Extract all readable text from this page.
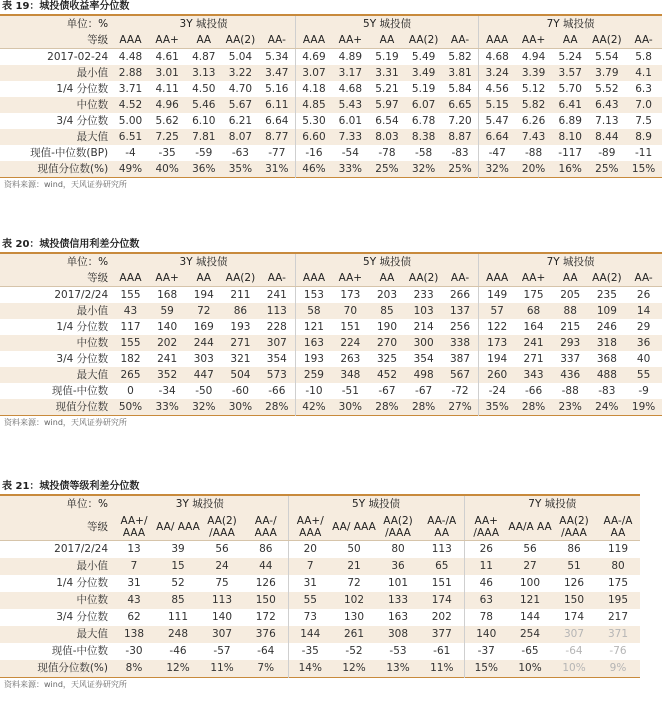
表 19：城投债收益率分位数
单位：%	3Y 城投债					5Y 城投债					7Y 城投债				
等级	AAA	AA+	AA	AA(2)	AA-	AAA	AA+	AA	AA(2)	AA-	AAA	AA+	AA	AA(2)	AA-
2017-02-24	4.48	4.61	4.87	5.04	5.34	4.69	4.89	5.19	5.49	5.82	4.68	4.94	5.24	5.54	5.8
最小值	2.88	3.01	3.13	3.22	3.47	3.07	3.17	3.31	3.49	3.81	3.24	3.39	3.57	3.79	4.1
1/4 分位数	3.71	4.11	4.50	4.70	5.16	4.18	4.68	5.21	5.19	5.84	4.56	5.12	5.70	5.52	6.3
中位数	4.52	4.96	5.46	5.67	6.11	4.85	5.43	5.97	6.07	6.65	5.15	5.82	6.41	6.43	7.0
3/4 分位数	5.00	5.62	6.10	6.21	6.64	5.30	6.01	6.54	6.78	7.20	5.47	6.26	6.89	7.13	7.5
最大值	6.51	7.25	7.81	8.07	8.77	6.60	7.33	8.03	8.38	8.87	6.64	7.43	8.10	8.44	8.9
现值-中位数(BP)	-4	-35	-59	-63	-77	-16	-54	-78	-58	-83	-47	-88	-117	-89	-11
现值分位数(%)	49%	40%	36%	35%	31%	46%	33%	25%	32%	25%	32%	20%	16%	25%	15%
资料来源：wind，天风证券研究所
表 20：城投债信用利差分位数
单位：%	3Y 城投债					5Y 城投债					7Y 城投债				
等级	AAA	AA+	AA	AA(2)	AA-	AAA	AA+	AA	AA(2)	AA-	AAA	AA+	AA	AA(2)	AA-
2017/2/24	155	168	194	211	241	153	173	203	233	266	149	175	205	235	26
最小值	43	59	72	86	113	58	70	85	103	137	57	68	88	109	14
1/4 分位数	117	140	169	193	228	121	151	190	214	256	122	164	215	246	29
中位数	155	202	244	271	307	163	224	270	300	338	173	241	293	318	36
3/4 分位数	182	241	303	321	354	193	263	325	354	387	194	271	337	368	40
最大值	265	352	447	504	573	259	348	452	498	567	260	343	436	488	55
现值-中位数	0	-34	-50	-60	-66	-10	-51	-67	-67	-72	-24	-66	-88	-83	-9
现值分位数	50%	33%	32%	30%	28%	42%	30%	28%	28%	27%	35%	28%	23%	24%	19%
资料来源：wind，天风证券研究所
表 21：城投债等级利差分位数
单位：%	3Y 城投债				5Y 城投债				7Y 城投债			
等级	AA+/ AAA	AA/ AAA	AA(2) /AAA	AA-/ AAA	AA+/ AAA	AA/ AAA	AA(2) /AAA	AA-/A AA	AA+ /AAA	AA/A AA	AA(2) /AAA	AA-/A AA
2017/2/24	13	39	56	86	20	50	80	113	26	56	86	119
最小值	7	15	24	44	7	21	36	65	11	27	51	80
1/4 分位数	31	52	75	126	31	72	101	151	46	100	126	175
中位数	43	85	113	150	55	102	133	174	63	121	150	195
3/4 分位数	62	111	140	172	73	130	163	202	78	144	174	217
最大值	138	248	307	376	144	261	308	377	140	254	307	371
现值-中位数	-30	-46	-57	-64	-35	-52	-53	-61	-37	-65	-64	-76
现值分位数(%)	8%	12%	11%	7%	14%	12%	13%	11%	15%	10%	10%	9%
资料来源：wind，天风证券研究所
